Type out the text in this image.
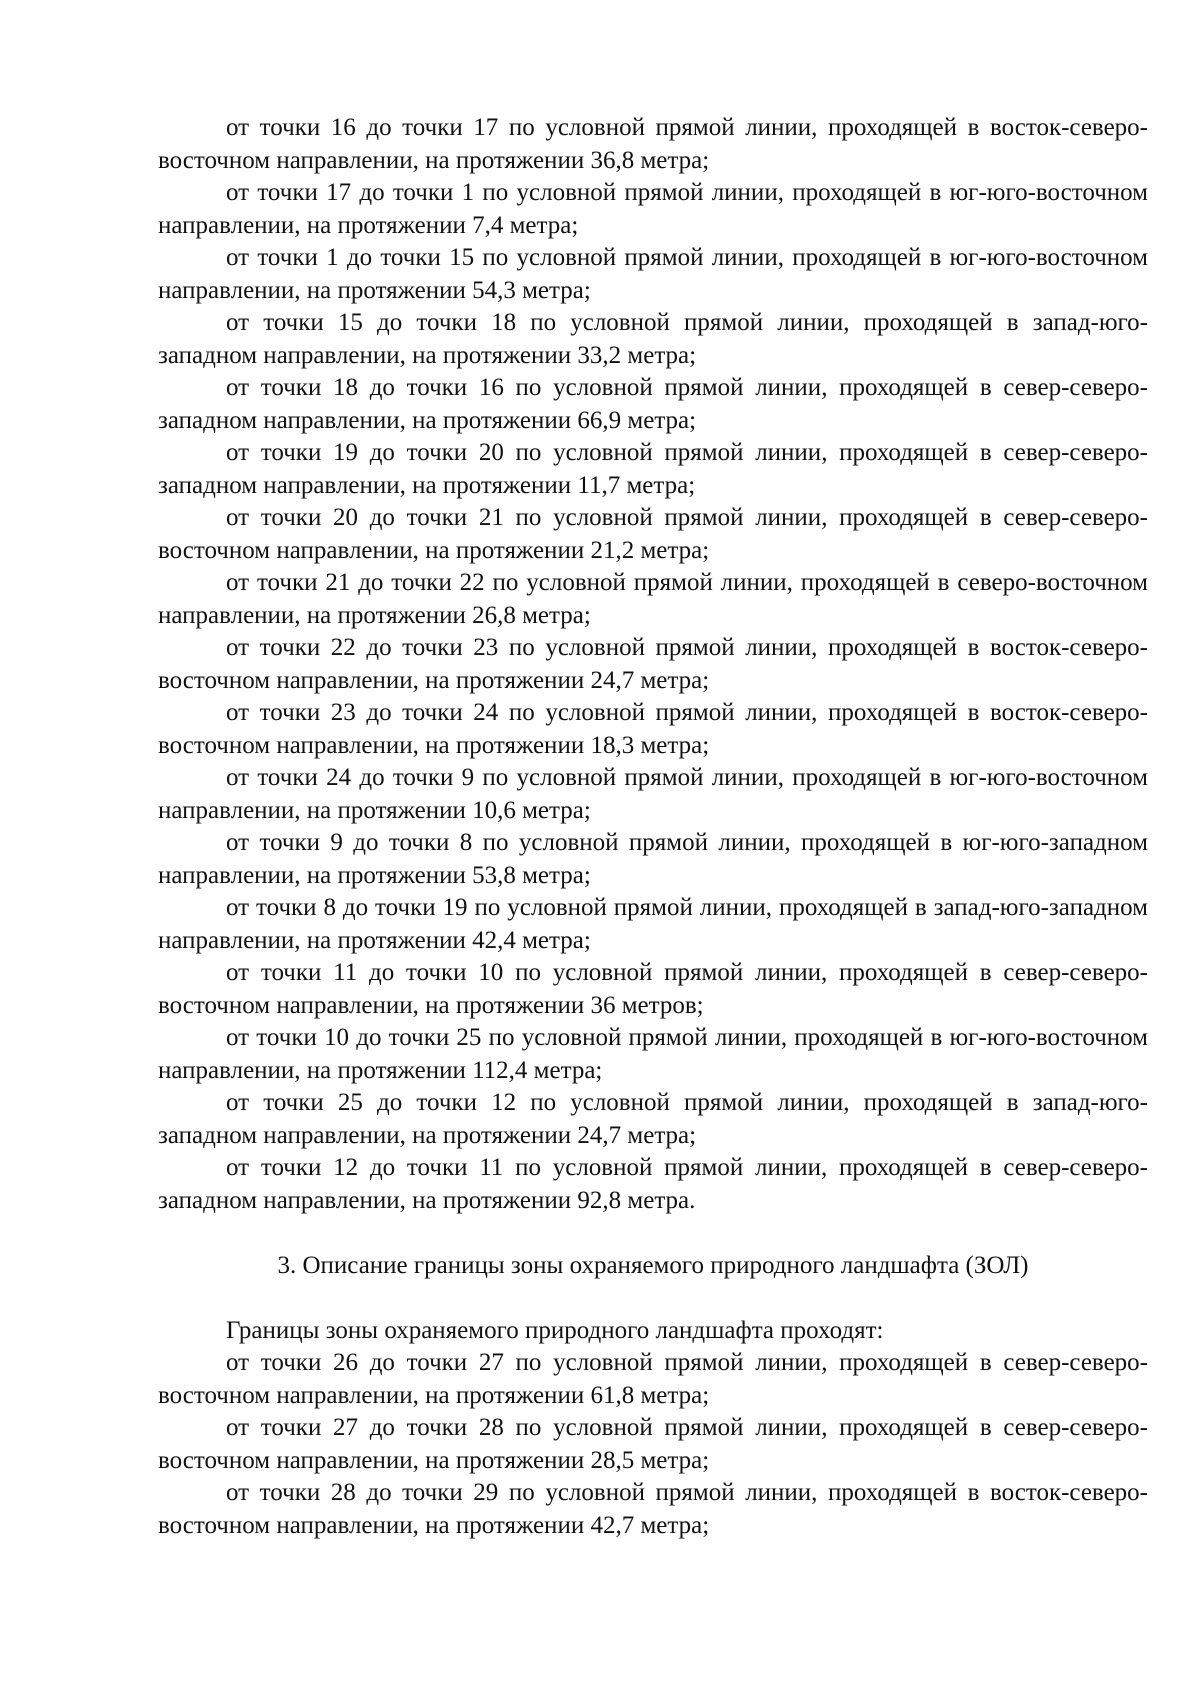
от точки 16 до точки 17 по условной прямой линии, проходящей в восток-северо-восточном направлении, на протяжении 36,8 метра;

от точки 17 до точки 1 по условной прямой линии, проходящей в юг-юго-восточном направлении, на протяжении 7,4 метра;

от точки 1 до точки 15 по условной прямой линии, проходящей в юг-юго-восточном направлении, на протяжении 54,3 метра;

от точки 15 до точки 18 по условной прямой линии, проходящей в запад-юго-западном направлении, на протяжении 33,2 метра;

от точки 18 до точки 16 по условной прямой линии, проходящей в север-северо-западном направлении, на протяжении 66,9 метра;

от точки 19 до точки 20 по условной прямой линии, проходящей в север-северо-западном направлении, на протяжении 11,7 метра;

от точки 20 до точки 21 по условной прямой линии, проходящей в север-северо-восточном направлении, на протяжении 21,2 метра;

от точки 21 до точки 22 по условной прямой линии, проходящей в северо-восточном направлении, на протяжении 26,8 метра;

от точки 22 до точки 23 по условной прямой линии, проходящей в восток-северо-восточном направлении, на протяжении 24,7 метра;

от точки 23 до точки 24 по условной прямой линии, проходящей в восток-северо-восточном направлении, на протяжении 18,3 метра;

от точки 24 до точки 9 по условной прямой линии, проходящей в юг-юго-восточном направлении, на протяжении 10,6 метра;

от точки 9 до точки 8 по условной прямой линии, проходящей в юг-юго-западном направлении, на протяжении 53,8 метра;

от точки 8 до точки 19 по условной прямой линии, проходящей в запад-юго-западном направлении, на протяжении 42,4 метра;

от точки 11 до точки 10 по условной прямой линии, проходящей в север-северо-восточном направлении, на протяжении 36 метров;

от точки 10 до точки 25 по условной прямой линии, проходящей в юг-юго-восточном направлении, на протяжении 112,4 метра;

от точки 25 до точки 12 по условной прямой линии, проходящей в запад-юго-западном направлении, на протяжении 24,7 метра;

от точки 12 до точки 11 по условной прямой линии, проходящей в север-северо-западном направлении, на протяжении 92,8 метра.

3. Описание границы зоны охраняемого природного ландшафта (ЗОЛ)

Границы зоны охраняемого природного ландшафта проходят:

от точки 26 до точки 27 по условной прямой линии, проходящей в север-северо-восточном направлении, на протяжении 61,8 метра;

от точки 27 до точки 28 по условной прямой линии, проходящей в север-северо-восточном направлении, на протяжении 28,5 метра;

от точки 28 до точки 29 по условной прямой линии, проходящей в восток-северо-восточном направлении, на протяжении 42,7 метра;
